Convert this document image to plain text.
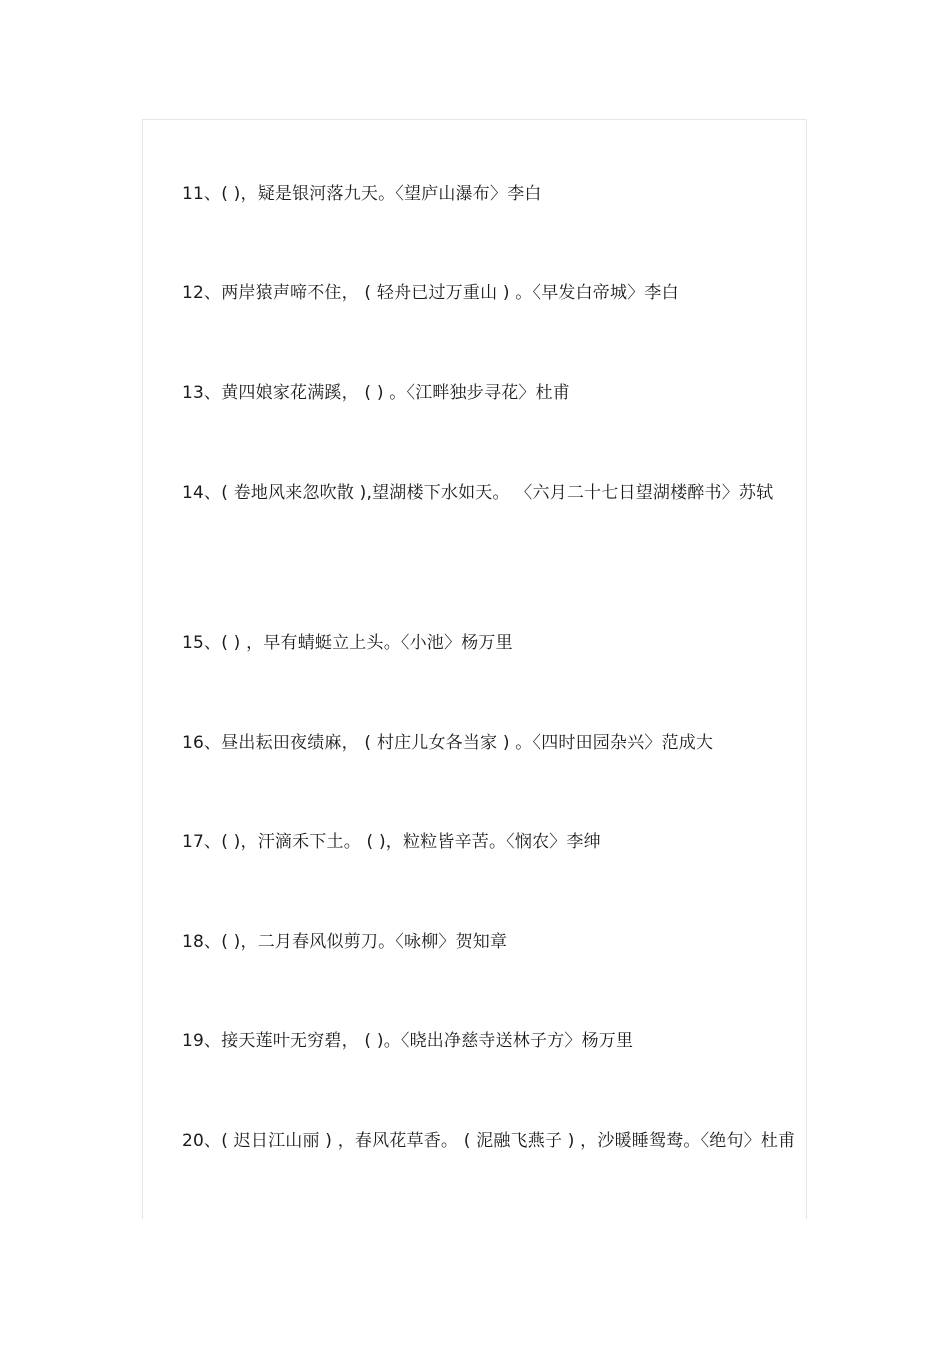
11、( )，疑是银河落九天。〈望庐山瀑布〉李白
12、两岸猿声啼不住， ( 轻舟已过万重山 ) 。〈早发白帝城〉李白
13、黄四娘家花满蹊， ( ) 。〈江畔独步寻花〉杜甫
14、( 卷地风来忽吹散 ),望湖楼下水如天。 〈六月二十七日望湖楼醉书〉苏轼
15、( ) ，早有蜻蜓立上头。〈小池〉杨万里
16、昼出耘田夜绩麻， ( 村庄儿女各当家 ) 。〈四时田园杂兴〉范成大
17、( )，汗滴禾下土。 ( )，粒粒皆辛苦。〈悯农〉李绅
18、( )，二月春风似剪刀。〈咏柳〉贺知章
19、接天莲叶无穷碧， ( )。〈晓出净慈寺送林子方〉杨万里
20、( 迟日江山丽 ) ，春风花草香。 ( 泥融飞燕子 ) ，沙暖睡鸳鸯。〈绝句〉杜甫
